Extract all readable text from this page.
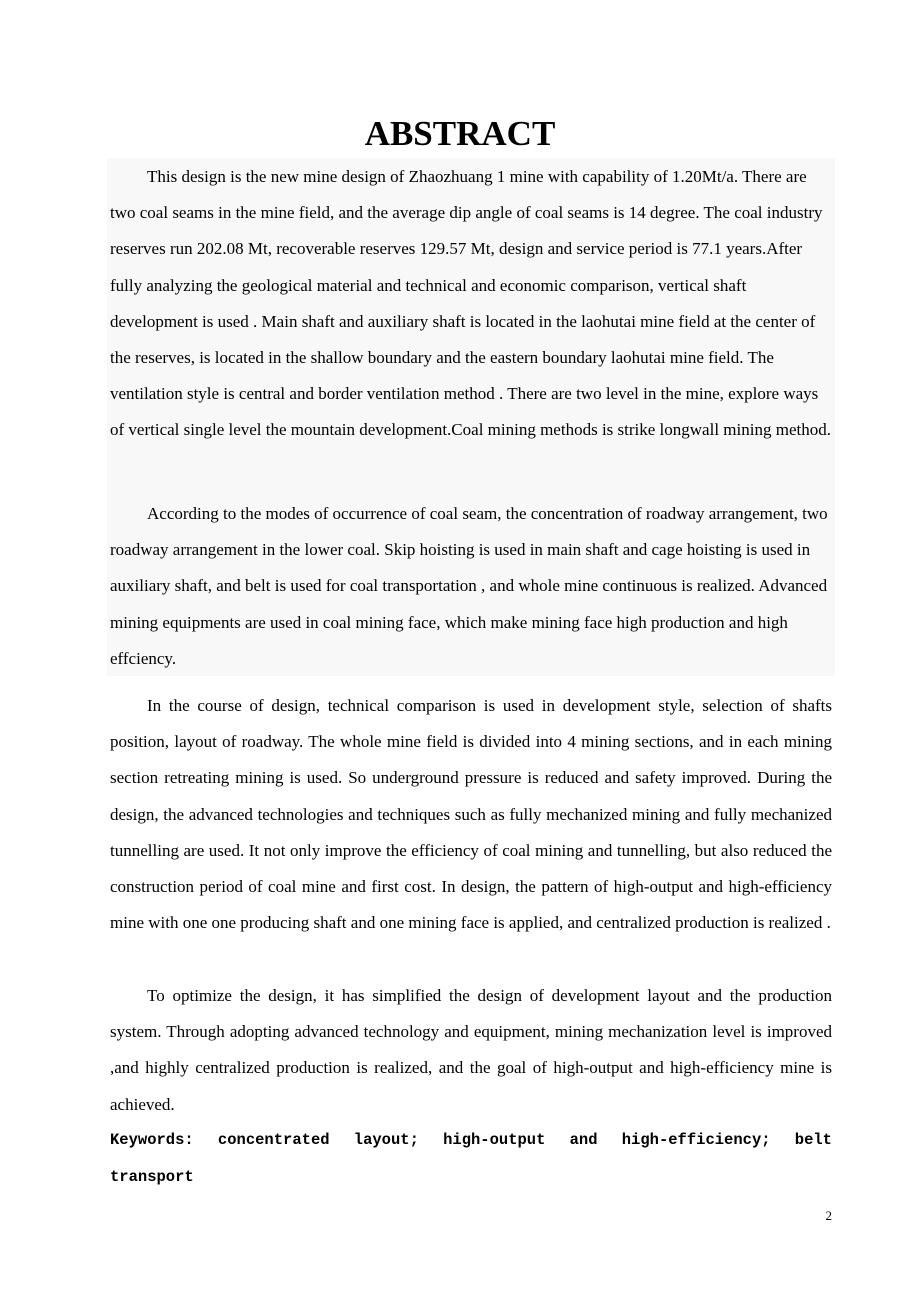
ABSTRACT

This design is the new mine design of Zhaozhuang 1 mine with capability of 1.20Mt/a. There are two coal seams in the mine field, and the average dip angle of coal seams is 14 degree. The coal industry reserves run 202.08 Mt, recoverable reserves 129.57 Mt, design and service period is 77.1 years.After fully analyzing the geological material and technical and economic comparison, vertical shaft development is used . Main shaft and auxiliary shaft is located in the laohutai mine field at the center of the reserves, is located in the shallow boundary and the eastern boundary laohutai mine field. The ventilation style is central and border ventilation method . There are two level in the mine, explore ways of vertical single level the mountain development.Coal mining methods is strike longwall mining method.

According to the modes of occurrence of coal seam, the concentration of roadway arrangement, two roadway arrangement in the lower coal. Skip hoisting is used in main shaft and cage hoisting is used in auxiliary shaft, and belt is used for coal transportation , and whole mine continuous is realized. Advanced mining equipments are used in coal mining face, which make mining face high production and high effciency.

In the course of design, technical comparison is used in development style, selection of shafts position, layout of roadway. The whole mine field is divided into 4 mining sections, and in each mining section retreating mining is used. So underground pressure is reduced and safety improved. During the design, the advanced technologies and techniques such as fully mechanized mining and fully mechanized tunnelling are used. It not only improve the efficiency of coal mining and tunnelling, but also reduced the construction period of coal mine and first cost. In design, the pattern of high-output and high-efficiency mine with one one producing shaft and one mining face is applied, and centralized production is realized .

To optimize the design, it has simplified the design of development layout and the production system. Through adopting advanced technology and equipment, mining mechanization level is improved ,and highly centralized production is realized, and the goal of high-output and high-efficiency mine is achieved.

Keywords: concentrated layout; high-output and high-efficiency; belt transport

2
